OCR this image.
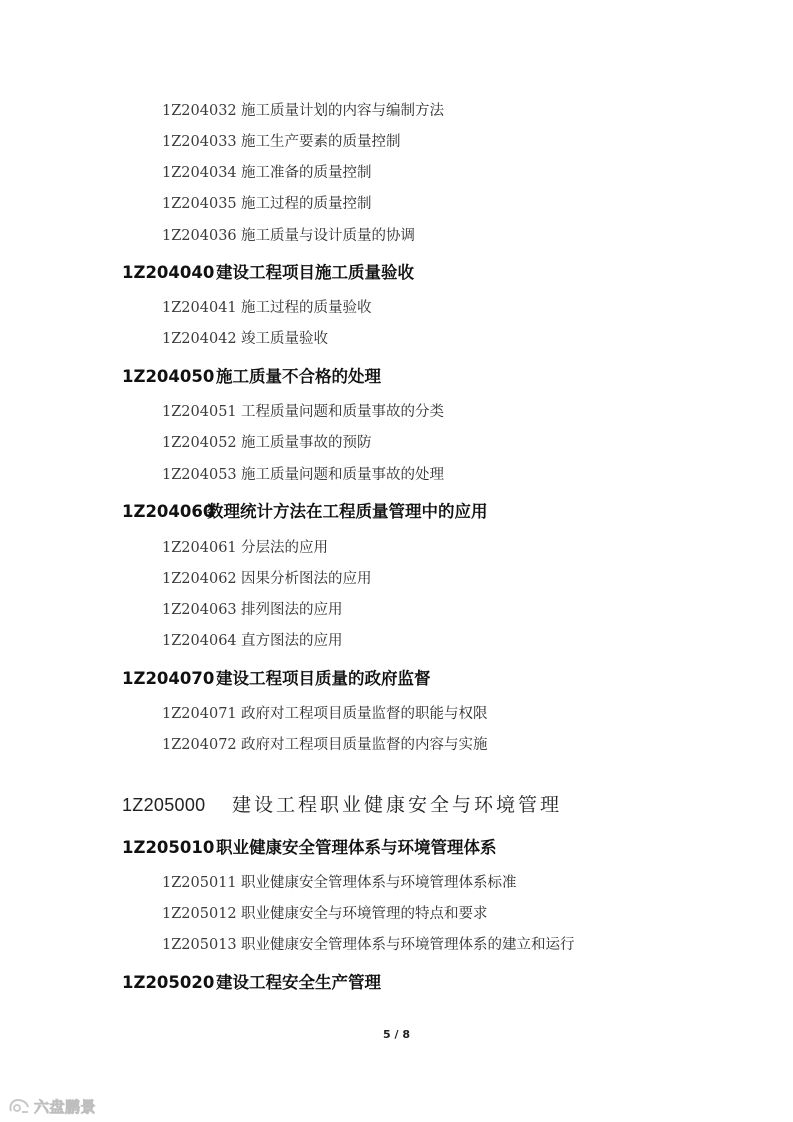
1Z204032 施工质量计划的内容与编制方法
1Z204033 施工生产要素的质量控制
1Z204034 施工准备的质量控制
1Z204035 施工过程的质量控制
1Z204036 施工质量与设计质量的协调
1Z204040 建设工程项目施工质量验收
1Z204041 施工过程的质量验收
1Z204042 竣工质量验收
1Z204050 施工质量不合格的处理
1Z204051 工程质量问题和质量事故的分类
1Z204052 施工质量事故的预防
1Z204053 施工质量问题和质量事故的处理
1Z204060数理统计方法在工程质量管理中的应用
1Z204061 分层法的应用
1Z204062 因果分析图法的应用
1Z204063 排列图法的应用
1Z204064 直方图法的应用
1Z204070 建设工程项目质量的政府监督
1Z204071 政府对工程项目质量监督的职能与权限
1Z204072 政府对工程项目质量监督的内容与实施
1Z205000 建设工程职业健康安全与环境管理
1Z205010 职业健康安全管理体系与环境管理体系
1Z205011 职业健康安全管理体系与环境管理体系标准
1Z205012 职业健康安全与环境管理的特点和要求
1Z205013 职业健康安全管理体系与环境管理体系的建立和运行
1Z205020 建设工程安全生产管理
5 / 8
六盘鹏景
